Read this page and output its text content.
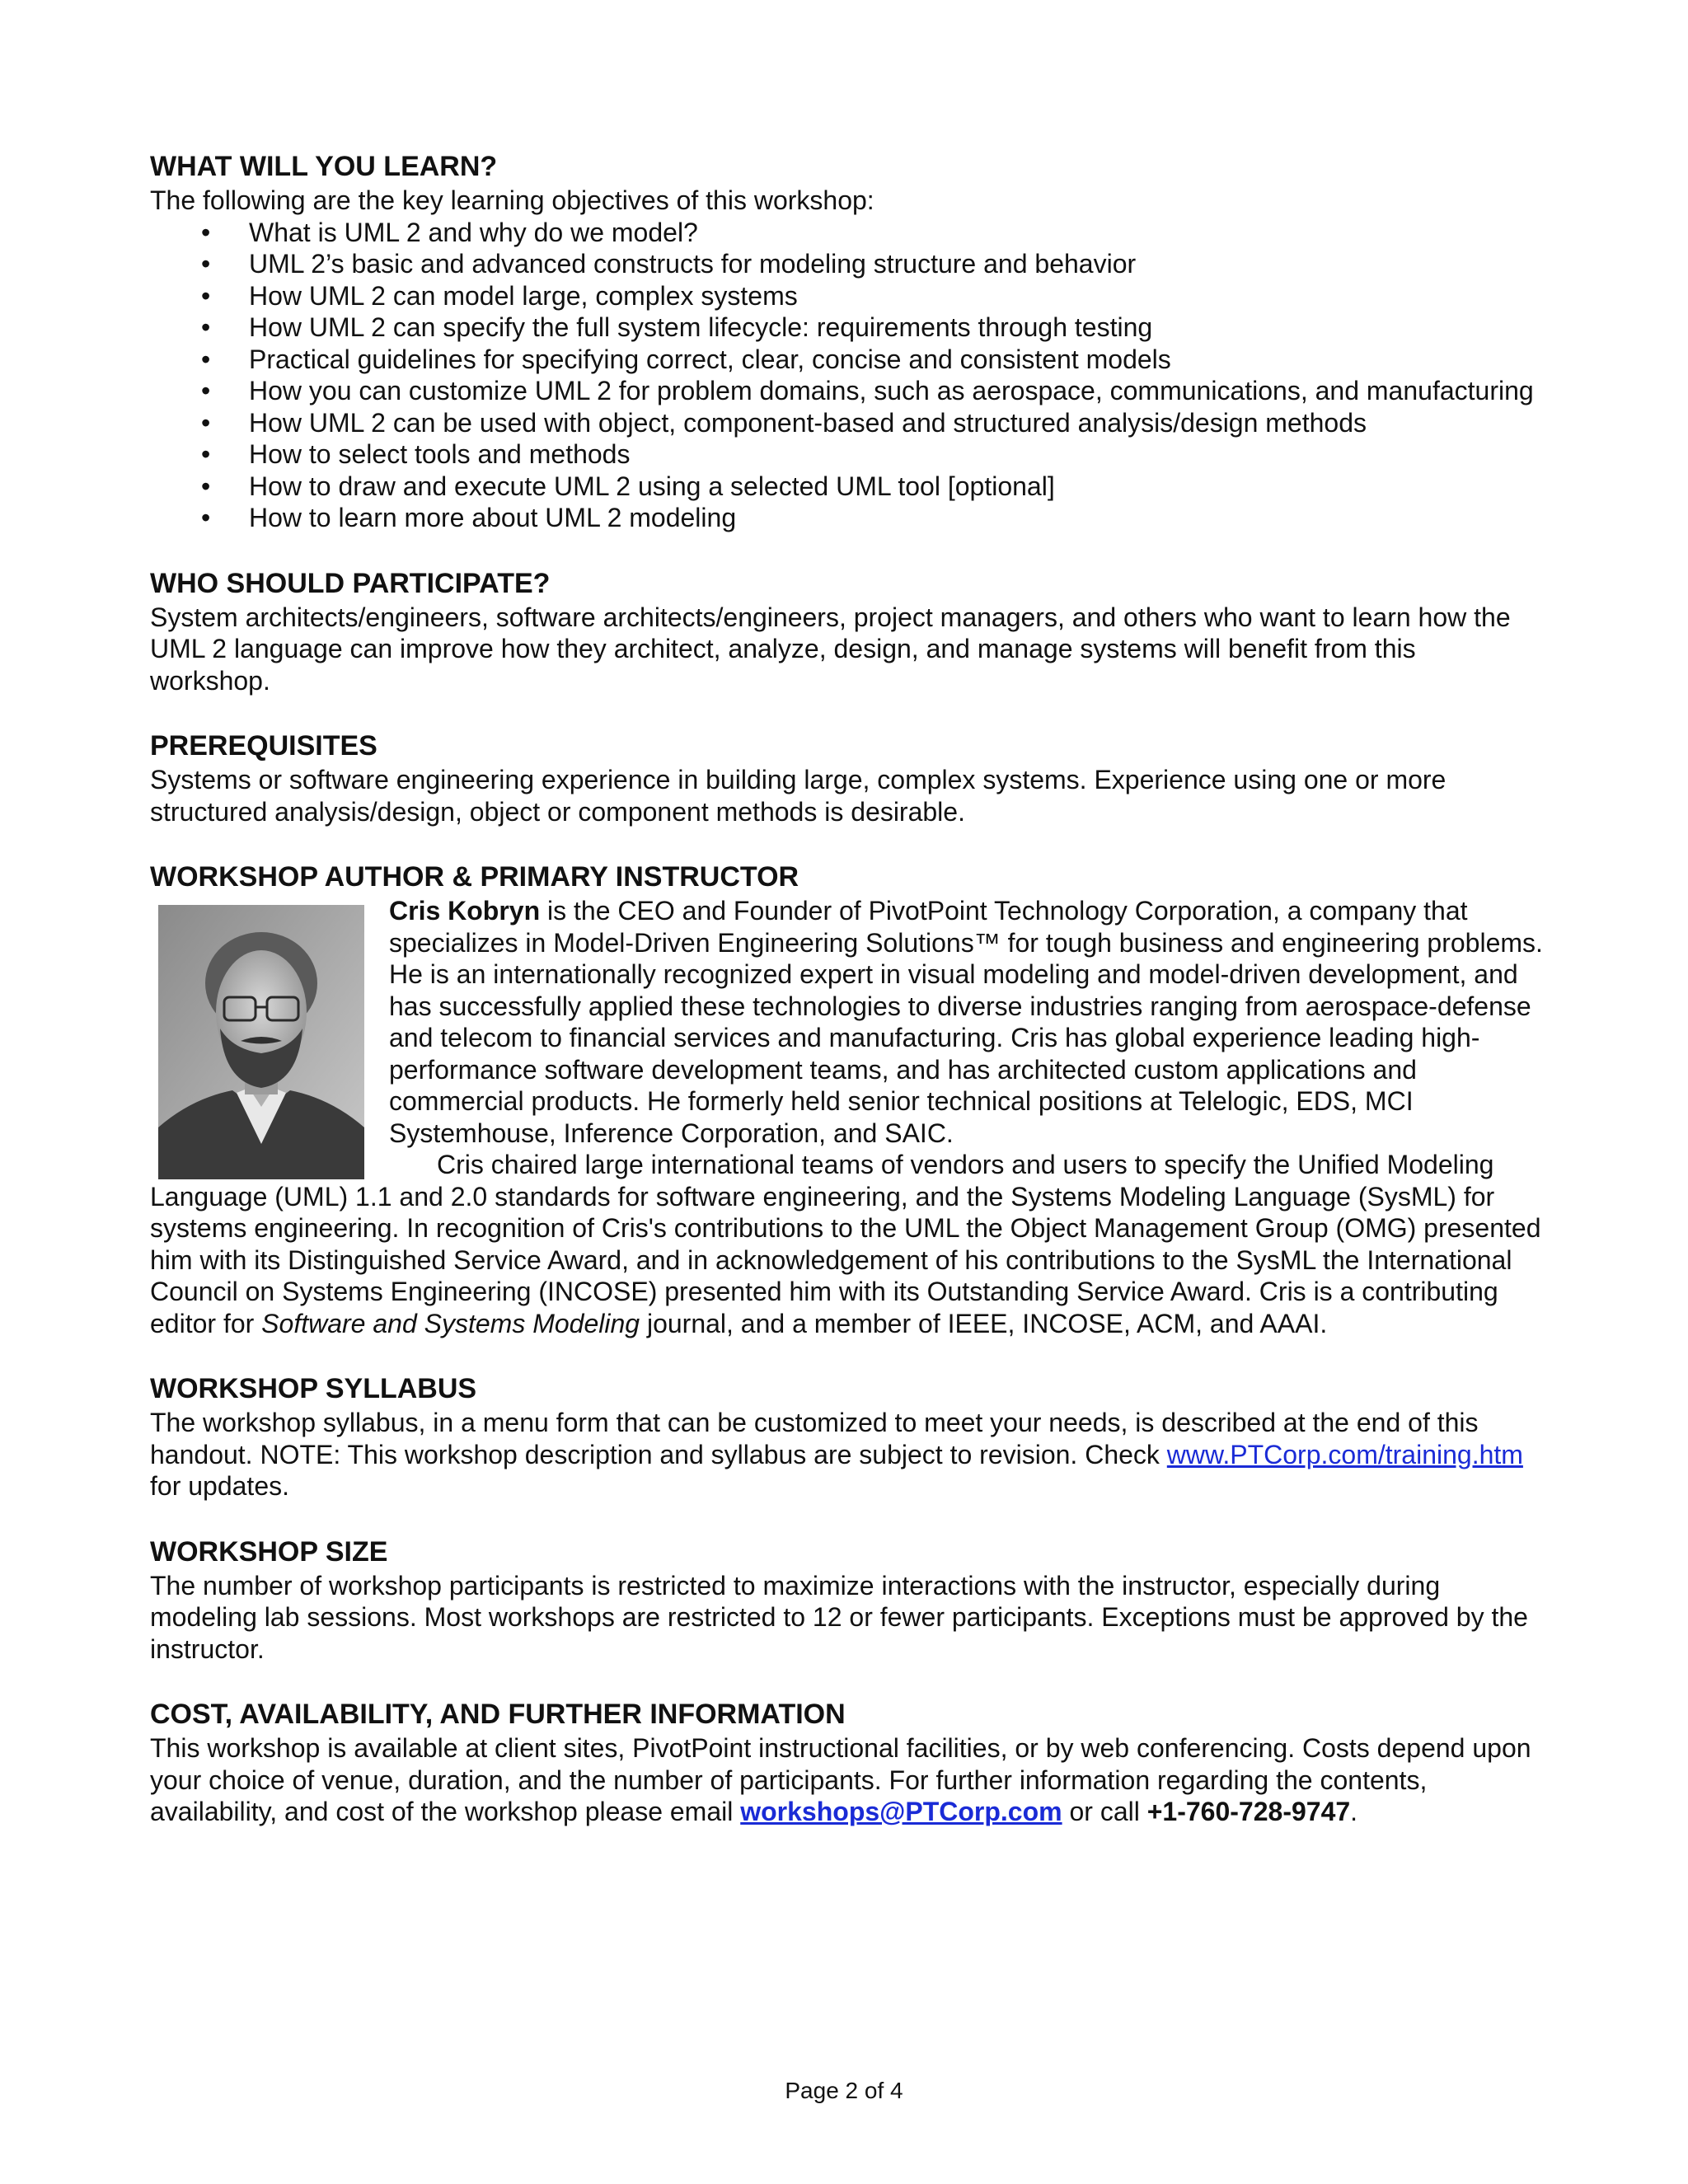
WHAT WILL YOU LEARN?

The following are the key learning objectives of this workshop:

• What is UML 2 and why do we model?
• UML 2’s basic and advanced constructs for modeling structure and behavior
• How UML 2 can model large, complex systems
• How UML 2 can specify the full system lifecycle: requirements through testing
• Practical guidelines for specifying correct, clear, concise and consistent models
• How you can customize UML 2 for problem domains, such as aerospace, communications, and manufacturing
• How UML 2 can be used with object, component-based and structured analysis/design methods
• How to select tools and methods
• How to draw and execute UML 2 using a selected UML tool [optional]
• How to learn more about UML 2 modeling
WHO SHOULD PARTICIPATE?

System architects/engineers, software architects/engineers, project managers, and others who want to learn how the UML 2 language can improve how they architect, analyze, design, and manage systems will benefit from this workshop.

PREREQUISITES

Systems or software engineering experience in building large, complex systems. Experience using one or more structured analysis/design, object or component methods is desirable.

WORKSHOP AUTHOR & PRIMARY INSTRUCTOR

Cris Kobryn is the CEO and Founder of PivotPoint Technology Corporation, a company that specializes in Model-Driven Engineering Solutions™ for tough business and engineering problems. He is an internationally recognized expert in visual modeling and model-driven development, and has successfully applied these technologies to diverse industries ranging from aerospace-defense and telecom to financial services and manufacturing. Cris has global experience leading high-performance software development teams, and has architected custom applications and commercial products. He formerly held senior technical positions at Telelogic, EDS, MCI Systemhouse, Inference Corporation, and SAIC.

Cris chaired large international teams of vendors and users to specify the Unified Modeling Language (UML) 1.1 and 2.0 standards for software engineering, and the Systems Modeling Language (SysML) for systems engineering. In recognition of Cris's contributions to the UML the Object Management Group (OMG) presented him with its Distinguished Service Award, and in acknowledgement of his contributions to the SysML the International Council on Systems Engineering (INCOSE) presented him with its Outstanding Service Award. Cris is a contributing editor for Software and Systems Modeling journal, and a member of IEEE, INCOSE, ACM, and AAAI.

WORKSHOP SYLLABUS

The workshop syllabus, in a menu form that can be customized to meet your needs, is described at the end of this handout. NOTE: This workshop description and syllabus are subject to revision. Check www.PTCorp.com/training.htm for updates.

WORKSHOP SIZE

The number of workshop participants is restricted to maximize interactions with the instructor, especially during modeling lab sessions. Most workshops are restricted to 12 or fewer participants. Exceptions must be approved by the instructor.

COST, AVAILABILITY, AND FURTHER INFORMATION

This workshop is available at client sites, PivotPoint instructional facilities, or by web conferencing. Costs depend upon your choice of venue, duration, and the number of participants. For further information regarding the contents, availability, and cost of the workshop please email workshops@PTCorp.com or call +1-760-728-9747.

Page 2 of 4
